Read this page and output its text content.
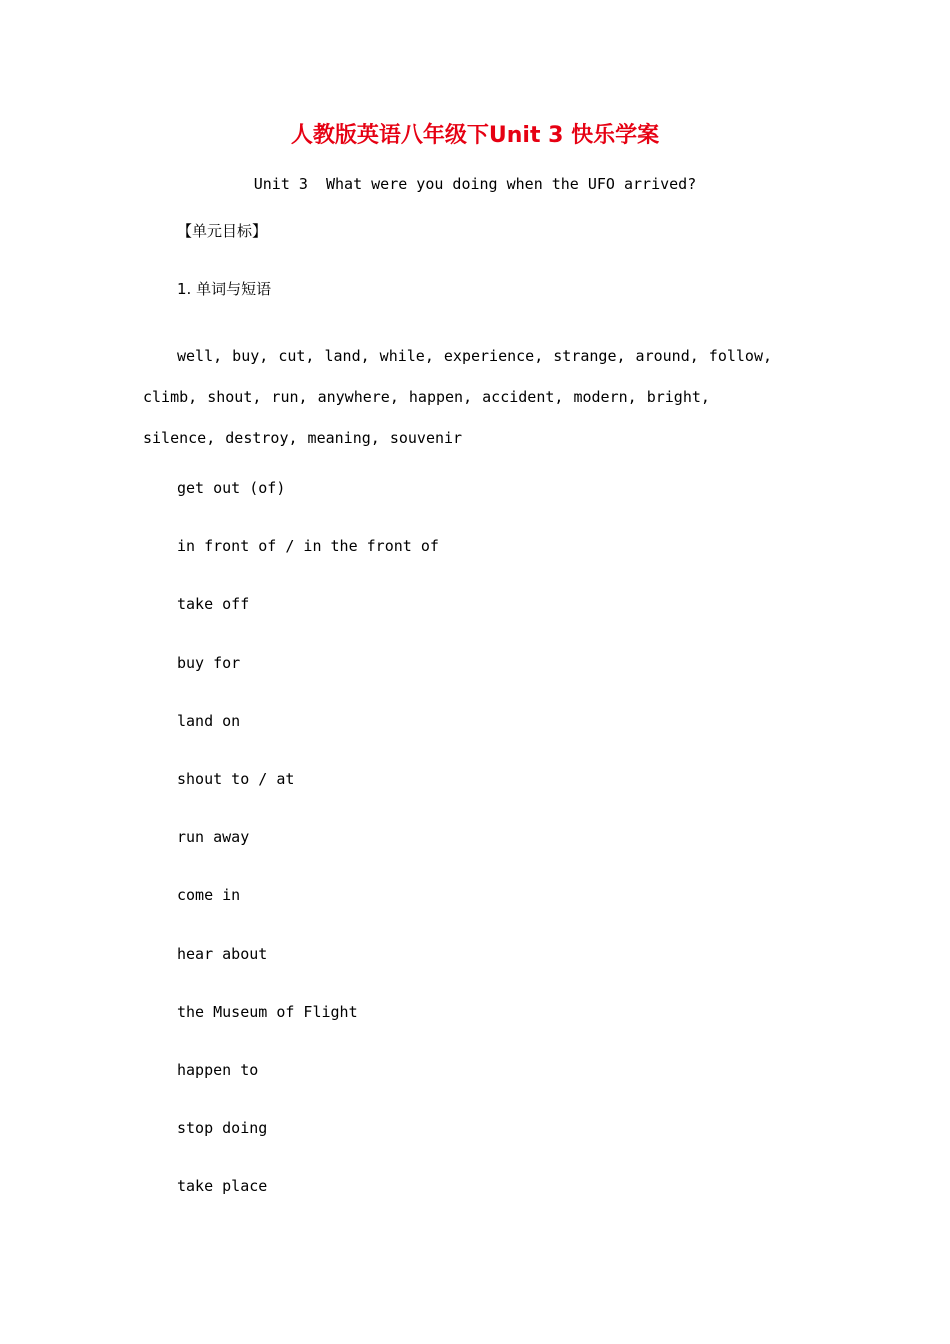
人教版英语八年级下Unit 3 快乐学案
Unit 3  What were you doing when the UFO arrived?
【单元目标】
1. 单词与短语
well, buy, cut, land, while, experience, strange, around, follow, climb, shout, run, anywhere, happen, accident, modern, bright, silence, destroy, meaning, souvenir
get out (of)
in front of / in the front of
take off
buy for
land on
shout to / at
run away
come in
hear about
the Museum of Flight
happen to
stop doing
take place
